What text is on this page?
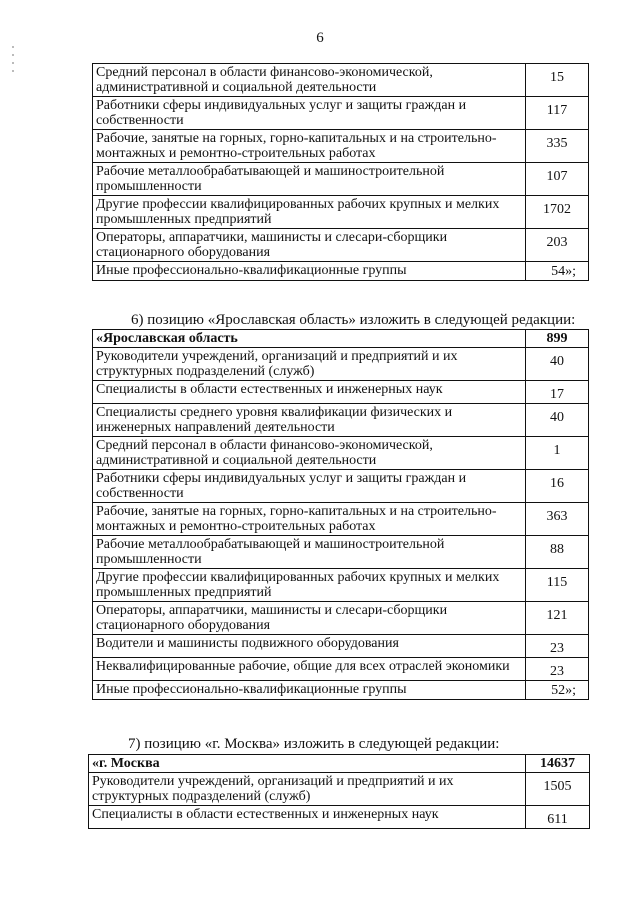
6
Средний персонал в области финансово-экономической, административной и социальной деятельности	15
Работники сферы индивидуальных услуг и защиты граждан и собственности	117
Рабочие, занятые на горных, горно-капитальных и на строительно-монтажных и ремонтно-строительных работах	335
Рабочие металлообрабатывающей и машиностроительной промышленности	107
Другие профессии квалифицированных рабочих крупных и мелких промышленных предприятий	1702
Операторы, аппаратчики, машинисты и слесари-сборщики стационарного оборудования	203
Иные профессионально-квалификационные группы	54»;
6) позицию «Ярославская область» изложить в следующей редакции:
«Ярославская область	899
Руководители учреждений, организаций и предприятий и их структурных подразделений (служб)	40
Специалисты в области естественных и инженерных наук	17
Специалисты среднего уровня квалификации физических и инженерных направлений деятельности	40
Средний персонал в области финансово-экономической, административной и социальной деятельности	1
Работники сферы индивидуальных услуг и защиты граждан и собственности	16
Рабочие, занятые на горных, горно-капитальных и на строительно-монтажных и ремонтно-строительных работах	363
Рабочие металлообрабатывающей и машиностроительной промышленности	88
Другие профессии квалифицированных рабочих крупных и мелких промышленных предприятий	115
Операторы, аппаратчики, машинисты и слесари-сборщики стационарного оборудования	121
Водители и машинисты подвижного оборудования	23
Неквалифицированные рабочие, общие для всех отраслей экономики	23
Иные профессионально-квалификационные группы	52»;
7) позицию «г. Москва» изложить в следующей редакции:
«г. Москва	14637
Руководители учреждений, организаций и предприятий и их структурных подразделений (служб)	1505
Специалисты в области естественных и инженерных наук	611
